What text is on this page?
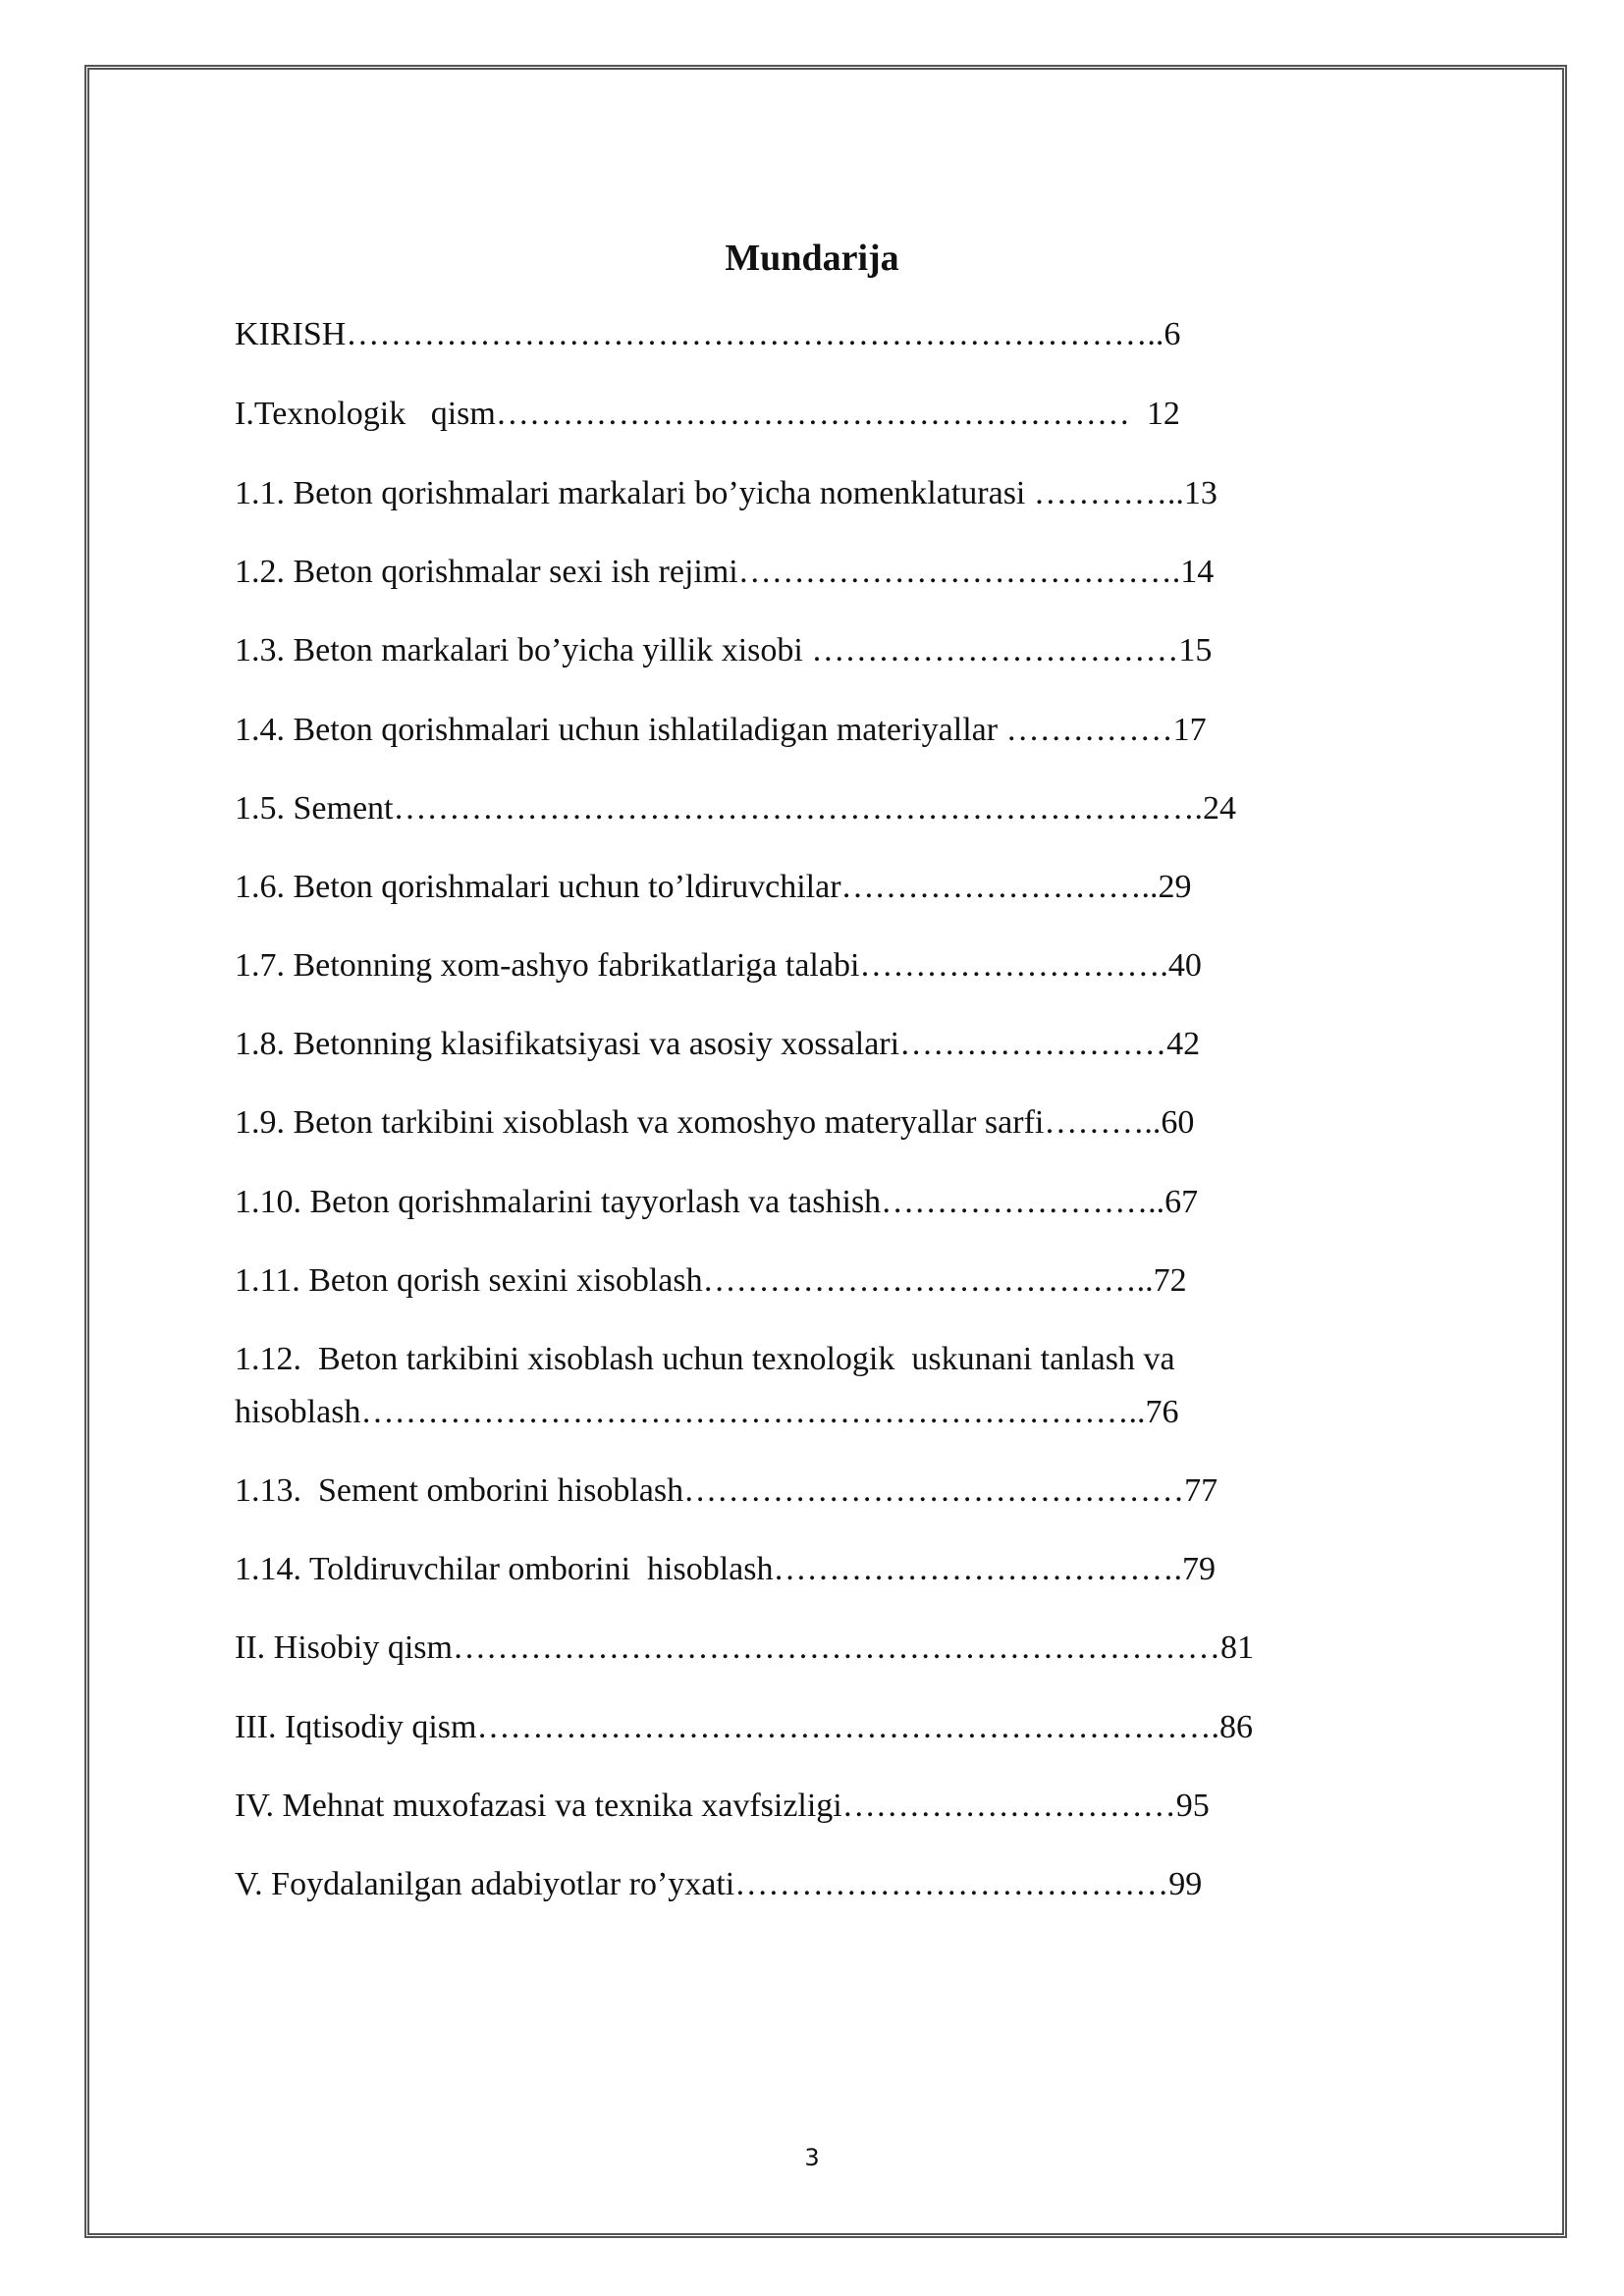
Mundarija
KIRISH………………………………………………………………..6
I.Texnologik   qism…………………………………………………  12
1.1. Beton qorishmalari markalari bo’yicha nomenklaturasi …………..13
1.2. Beton qorishmalar sexi ish rejimi………………………………….14
1.3. Beton markalari bo’yicha yillik xisobi ……………………………15
1.4. Beton qorishmalari uchun ishlatiladigan materiyallar ……………17
1.5. Sement……………………………………………………………….24
1.6. Beton qorishmalari uchun to’ldiruvchilar………………………..29
1.7. Betonning xom-ashyo fabrikatlariga talabi……………………….40
1.8. Betonning klasifikatsiyasi va asosiy xossalari……………………42
1.9. Beton tarkibini xisoblash va xomoshyo materyallar sarfi………..60
1.10. Beton qorishmalarini tayyorlash va tashish……………………..67
1.11. Beton qorish sexini xisoblash…………………………………..72
1.12.  Beton tarkibini xisoblash uchun texnologik  uskunani tanlash va
hisoblash……………………………………………………………..76
1.13.  Sement omborini hisoblash………………………………………77
1.14. Toldiruvchilar omborini  hisoblash……………………………….79
II. Hisobiy qism……………………………………………………………81
III. Iqtisodiy qism………………………………………………………….86
IV. Mehnat muxofazasi va texnika xavfsizligi…………………………95
V. Foydalanilgan adabiyotlar ro’yxati…………………………………99
3
